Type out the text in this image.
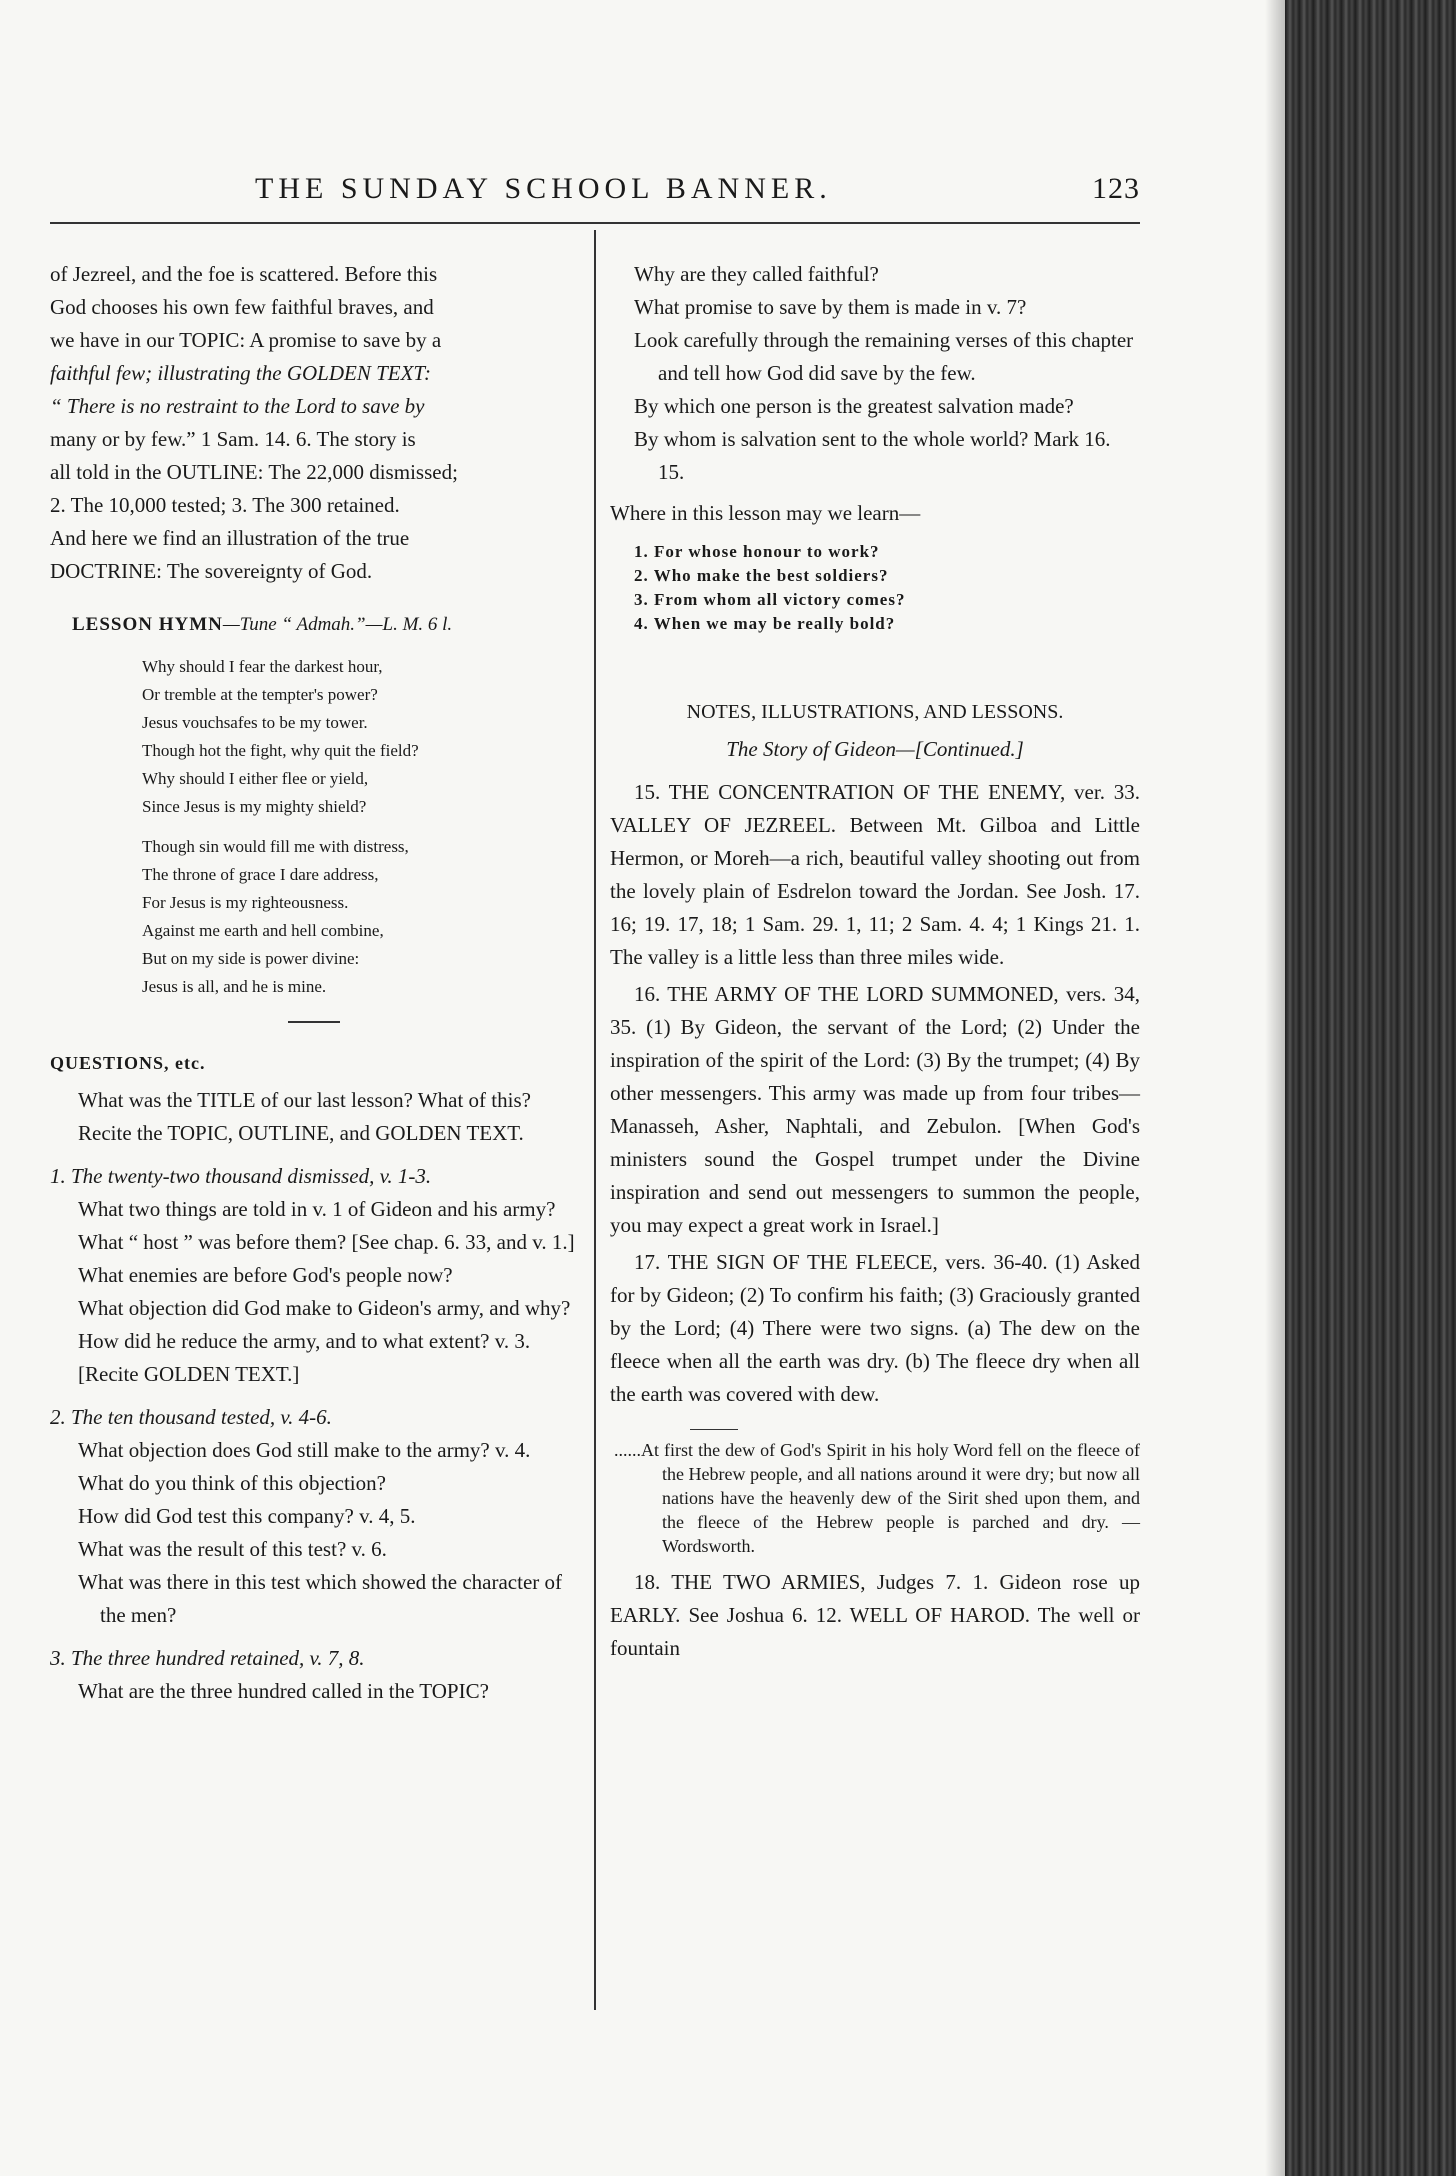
THE SUNDAY SCHOOL BANNER.	123

of Jezreel, and the foe is scattered. Before this

God chooses his own few faithful braves, and

we have in our TOPIC: A promise to save by a

faithful few; illustrating the GOLDEN TEXT:

“ There is no restraint to the Lord to save by

many or by few.” 1 Sam. 14. 6. The story is

all told in the OUTLINE: The 22,000 dismissed;

2. The 10,000 tested; 3. The 300 retained.

And here we find an illustration of the true

DOCTRINE: The sovereignty of God.

LESSON HYMN—Tune “ Admah.”—L. M. 6 l.
Why should I fear the darkest hour,
Or tremble at the tempter's power?
Jesus vouchsafes to be my tower.
Though hot the fight, why quit the field?
Why should I either flee or yield,
Since Jesus is my mighty shield?
Though sin would fill me with distress,
The throne of grace I dare address,
For Jesus is my righteousness.
Against me earth and hell combine,
But on my side is power divine:
Jesus is all, and he is mine.
QUESTIONS, etc.

What was the TITLE of our last lesson? What of this?

Recite the TOPIC, OUTLINE, and GOLDEN TEXT.

1. The twenty-two thousand dismissed, v. 1-3.

What two things are told in v. 1 of Gideon and his army?

What “ host ” was before them? [See chap. 6. 33, and v. 1.]

What enemies are before God's people now?

What objection did God make to Gideon's army, and why?

How did he reduce the army, and to what extent? v. 3.

[Recite GOLDEN TEXT.]

2. The ten thousand tested, v. 4-6.

What objection does God still make to the army? v. 4.

What do you think of this objection?

How did God test this company? v. 4, 5.

What was the result of this test? v. 6.

What was there in this test which showed the character of the men?

3. The three hundred retained, v. 7, 8.

What are the three hundred called in the TOPIC?

Why are they called faithful?

What promise to save by them is made in v. 7?

Look carefully through the remaining verses of this chapter and tell how God did save by the few.

By which one person is the greatest salvation made?

By whom is salvation sent to the whole world? Mark 16. 15.

Where in this lesson may we learn—

1. For whose honour to work?
2. Who make the best soldiers?
3. From whom all victory comes?
4. When we may be really bold?

NOTES, ILLUSTRATIONS, AND LESSONS.

The Story of Gideon—[Continued.]

15. THE CONCENTRATION OF THE ENEMY, ver. 33. VALLEY OF JEZREEL. Between Mt. Gilboa and Little Hermon, or Moreh—a rich, beautiful valley shooting out from the lovely plain of Esdrelon toward the Jordan. See Josh. 17. 16; 19. 17, 18; 1 Sam. 29. 1, 11; 2 Sam. 4. 4; 1 Kings 21. 1. The valley is a little less than three miles wide.

16. THE ARMY OF THE LORD SUMMONED, vers. 34, 35. (1) By Gideon, the servant of the Lord; (2) Under the inspiration of the spirit of the Lord: (3) By the trumpet; (4) By other messengers. This army was made up from four tribes—Manasseh, Asher, Naphtali, and Zebulon. [When God's ministers sound the Gospel trumpet under the Divine inspiration and send out messengers to summon the people, you may expect a great work in Israel.]

17. THE SIGN OF THE FLEECE, vers. 36-40. (1) Asked for by Gideon; (2) To confirm his faith; (3) Graciously granted by the Lord; (4) There were two signs. (a) The dew on the fleece when all the earth was dry. (b) The fleece dry when all the earth was covered with dew.

......At first the dew of God's Spirit in his holy Word fell on the fleece of the Hebrew people, and all nations around it were dry; but now all nations have the heavenly dew of the Sirit shed upon them, and the fleece of the Hebrew people is parched and dry. —Wordsworth.

18. THE TWO ARMIES, Judges 7. 1. Gideon rose up EARLY. See Joshua 6. 12. WELL OF HAROD. The well or fountain
